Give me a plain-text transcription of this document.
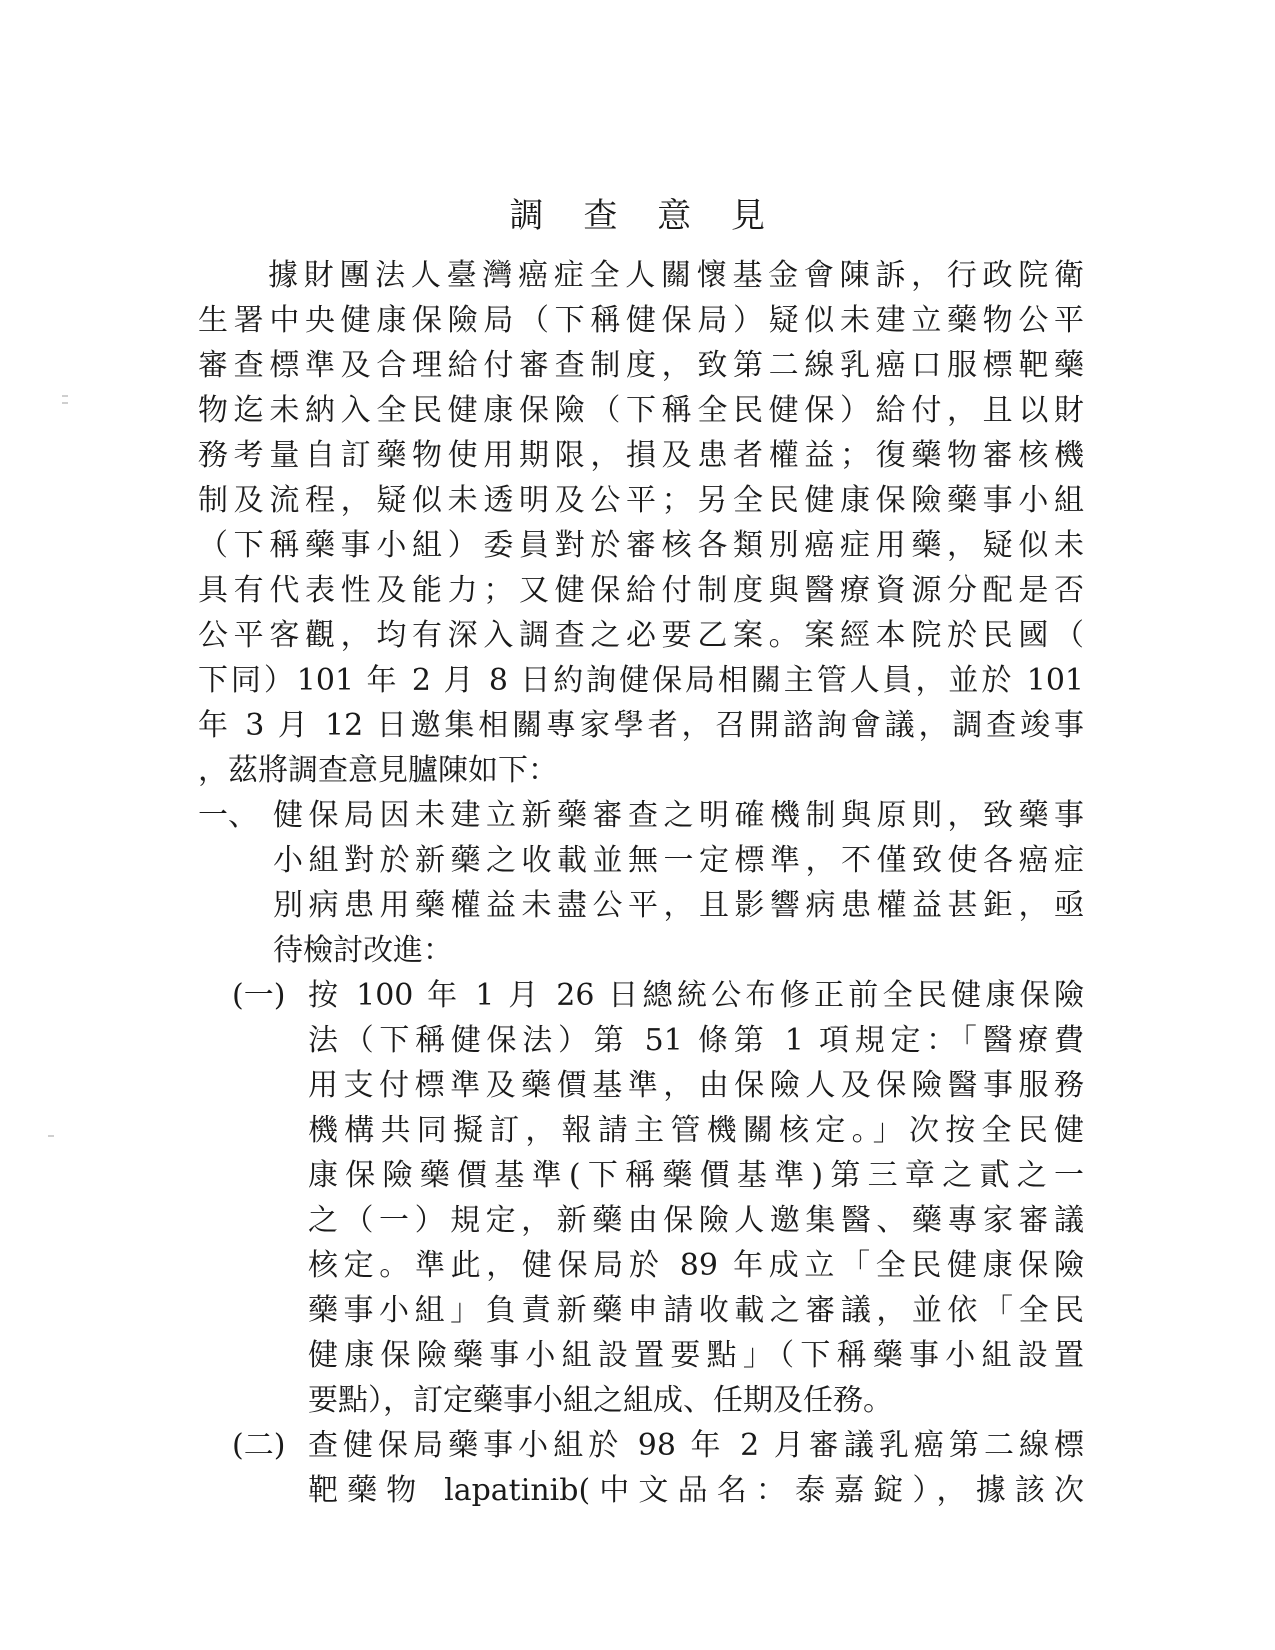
調 查 意 見
據財團法人臺灣癌症全人關懷基金會陳訴，行政院衛
生署中央健康保險局（下稱健保局）疑似未建立藥物公平
審查標準及合理給付審查制度，致第二線乳癌口服標靶藥
物迄未納入全民健康保險（下稱全民健保）給付，且以財
務考量自訂藥物使用期限，損及患者權益；復藥物審核機
制及流程，疑似未透明及公平；另全民健康保險藥事小組
（下稱藥事小組）委員對於審核各類別癌症用藥，疑似未
具有代表性及能力；又健保給付制度與醫療資源分配是否
公平客觀，均有深入調查之必要乙案。案經本院於民國（
下同）101 年 2 月 8 日約詢健保局相關主管人員，並於 101
年 3 月 12 日邀集相關專家學者，召開諮詢會議，調查竣事
，茲將調查意見臚陳如下：
一、 健保局因未建立新藥審查之明確機制與原則，致藥事
小組對於新藥之收載並無一定標準，不僅致使各癌症
別病患用藥權益未盡公平，且影響病患權益甚鉅，亟
待檢討改進：
(一) 按 100 年 1 月 26 日總統公布修正前全民健康保險
法（下稱健保法）第 51 條第 1 項規定：「醫療費
用支付標準及藥價基準，由保險人及保險醫事服務
機構共同擬訂，報請主管機關核定。」次按全民健
康保險藥價基準(下稱藥價基準)第三章之貳之一
之（一）規定，新藥由保險人邀集醫、藥專家審議
核定。準此，健保局於 89 年成立「全民健康保險
藥事小組」負責新藥申請收載之審議，並依「全民
健康保險藥事小組設置要點」（下稱藥事小組設置
要點），訂定藥事小組之組成、任期及任務。
(二) 查健保局藥事小組於 98 年 2 月審議乳癌第二線標
靶藥物 lapatinib(中文品名：泰嘉錠），據該次
